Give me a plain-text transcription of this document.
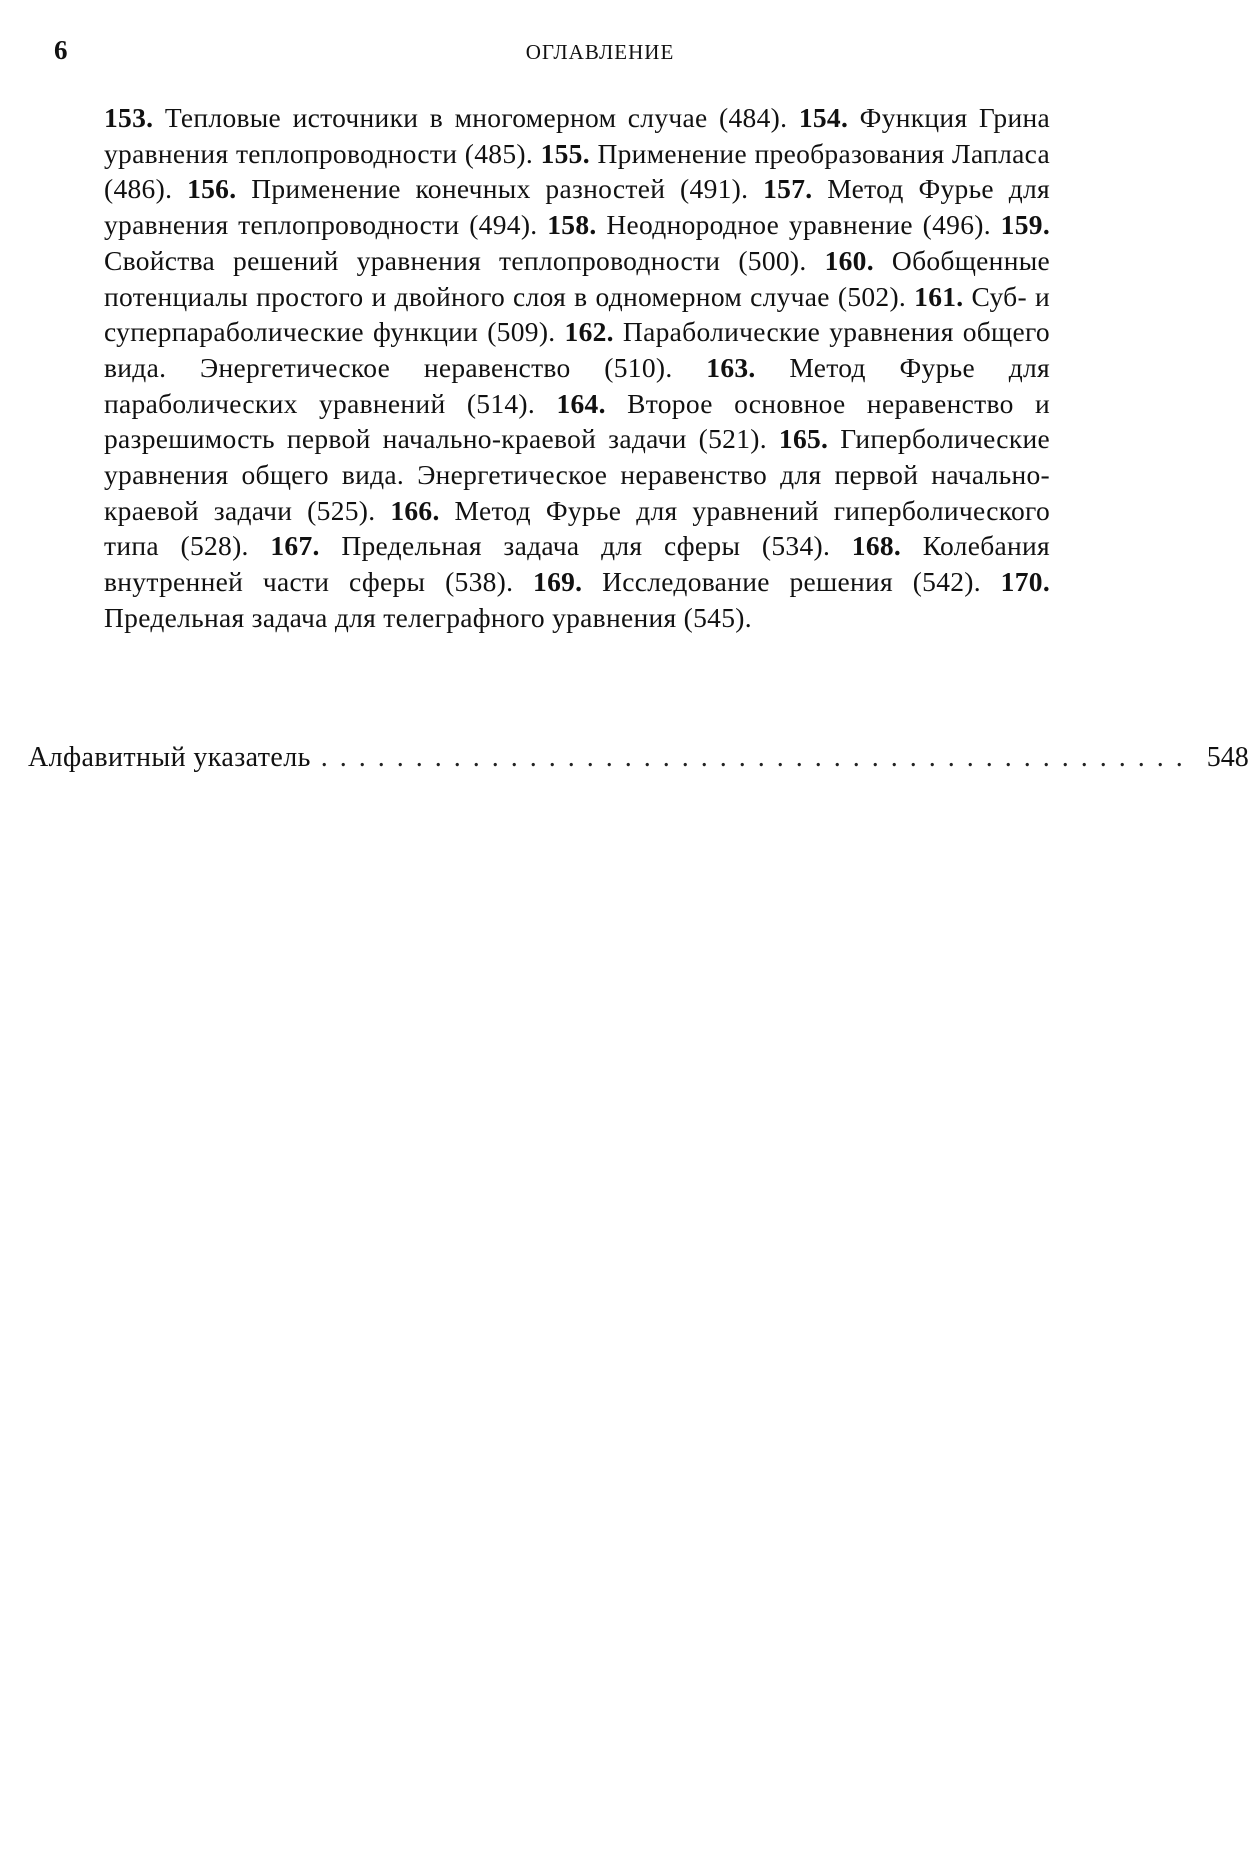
6	ОГЛАВЛЕНИЕ
153. Тепловые источники в многомерном случае (484). 154. Функция Грина уравнения теплопроводности (485). 155. Применение преобразования Лапласа (486). 156. Применение конечных разностей (491). 157. Метод Фурье для уравнения теплопроводности (494). 158. Неоднородное уравнение (496). 159. Свойства решений уравнения теплопроводности (500). 160. Обобщенные потенциалы простого и двойного слоя в одномерном случае (502). 161. Суб- и суперпараболические функции (509). 162. Параболические уравнения общего вида. Энергетическое неравенство (510). 163. Метод Фурье для параболических уравнений (514). 164. Второе основное неравенство и разрешимость первой начально-краевой задачи (521). 165. Гиперболические уравнения общего вида. Энергетическое неравенство для первой начально-краевой задачи (525). 166. Метод Фурье для уравнений гиперболического типа (528). 167. Предельная задача для сферы (534). 168. Колебания внутренней части сферы (538). 169. Исследование решения (542). 170. Предельная задача для телеграфного уравнения (545).
Алфавитный указатель .............................................. 548
